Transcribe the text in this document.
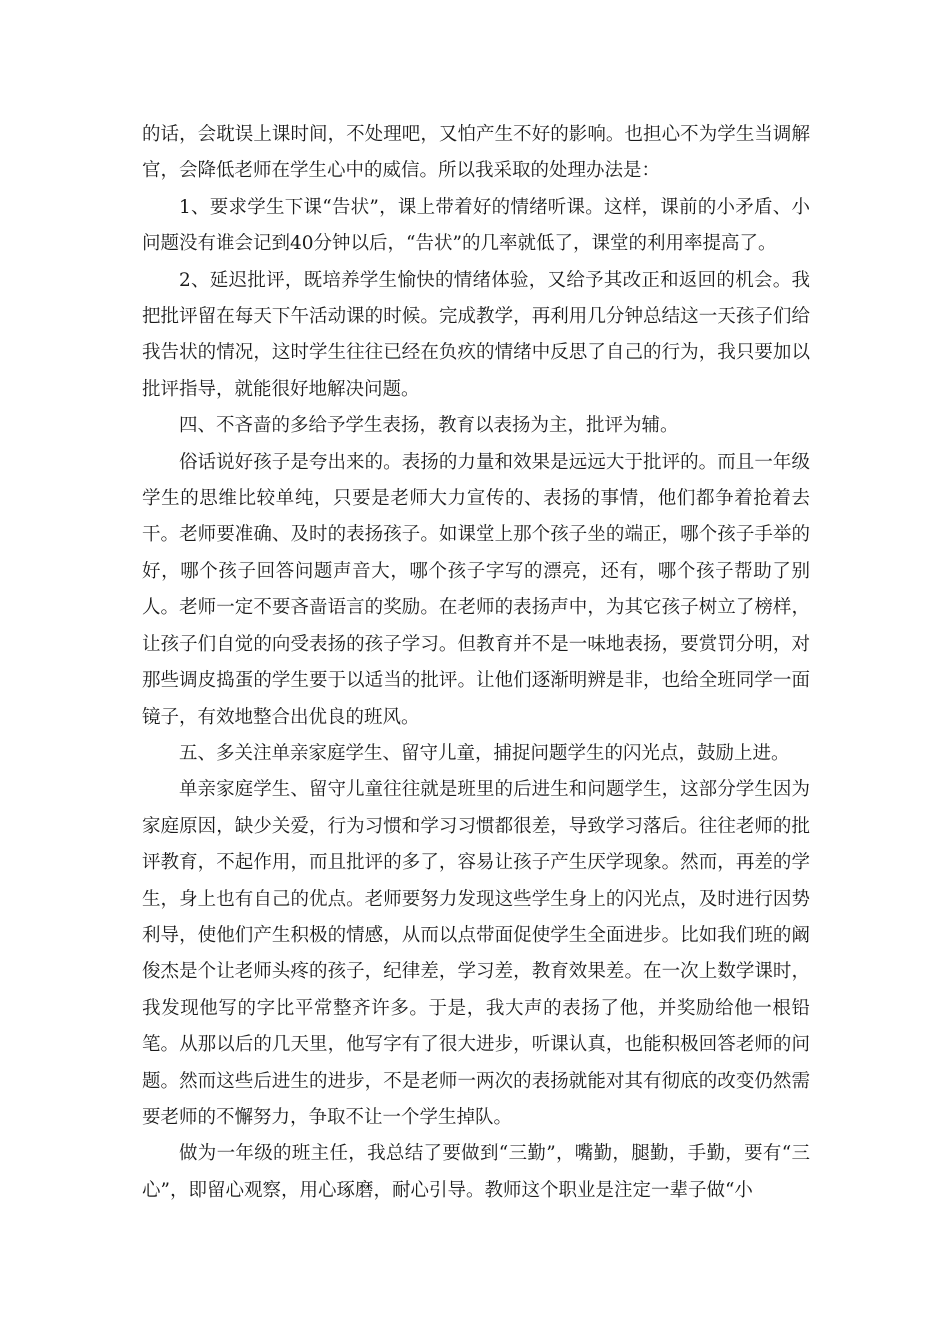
的话，会耽误上课时间，不处理吧，又怕产生不好的影响。也担心不为学生当调解官，会降低老师在学生心中的威信。所以我采取的处理办法是：

1、要求学生下课“告状”，课上带着好的情绪听课。这样，课前的小矛盾、小问题没有谁会记到40分钟以后，“告状”的几率就低了，课堂的利用率提高了。

2、延迟批评，既培养学生愉快的情绪体验，又给予其改正和返回的机会。我把批评留在每天下午活动课的时候。完成教学，再利用几分钟总结这一天孩子们给我告状的情况，这时学生往往已经在负疚的情绪中反思了自己的行为，我只要加以批评指导，就能很好地解决问题。

四、不吝啬的多给予学生表扬，教育以表扬为主，批评为辅。

俗话说好孩子是夸出来的。表扬的力量和效果是远远大于批评的。而且一年级学生的思维比较单纯，只要是老师大力宣传的、表扬的事情，他们都争着抢着去干。老师要准确、及时的表扬孩子。如课堂上那个孩子坐的端正，哪个孩子手举的好，哪个孩子回答问题声音大，哪个孩子字写的漂亮，还有，哪个孩子帮助了别人。老师一定不要吝啬语言的奖励。在老师的表扬声中，为其它孩子树立了榜样，让孩子们自觉的向受表扬的孩子学习。但教育并不是一味地表扬，要赏罚分明，对那些调皮捣蛋的学生要于以适当的批评。让他们逐渐明辨是非，也给全班同学一面镜子，有效地整合出优良的班风。

五、多关注单亲家庭学生、留守儿童，捕捉问题学生的闪光点，鼓励上进。

单亲家庭学生、留守儿童往往就是班里的后进生和问题学生，这部分学生因为家庭原因，缺少关爱，行为习惯和学习习惯都很差，导致学习落后。往往老师的批评教育，不起作用，而且批评的多了，容易让孩子产生厌学现象。然而，再差的学生，身上也有自己的优点。老师要努力发现这些学生身上的闪光点，及时进行因势利导，使他们产生积极的情感，从而以点带面促使学生全面进步。比如我们班的阚俊杰是个让老师头疼的孩子，纪律差，学习差，教育效果差。在一次上数学课时，我发现他写的字比平常整齐许多。于是，我大声的表扬了他，并奖励给他一根铅笔。从那以后的几天里，他写字有了很大进步，听课认真，也能积极回答老师的问题。然而这些后进生的进步，不是老师一两次的表扬就能对其有彻底的改变仍然需要老师的不懈努力，争取不让一个学生掉队。

做为一年级的班主任，我总结了要做到“三勤”，嘴勤，腿勤，手勤，要有“三心”，即留心观察，用心琢磨，耐心引导。教师这个职业是注定一辈子做“小
